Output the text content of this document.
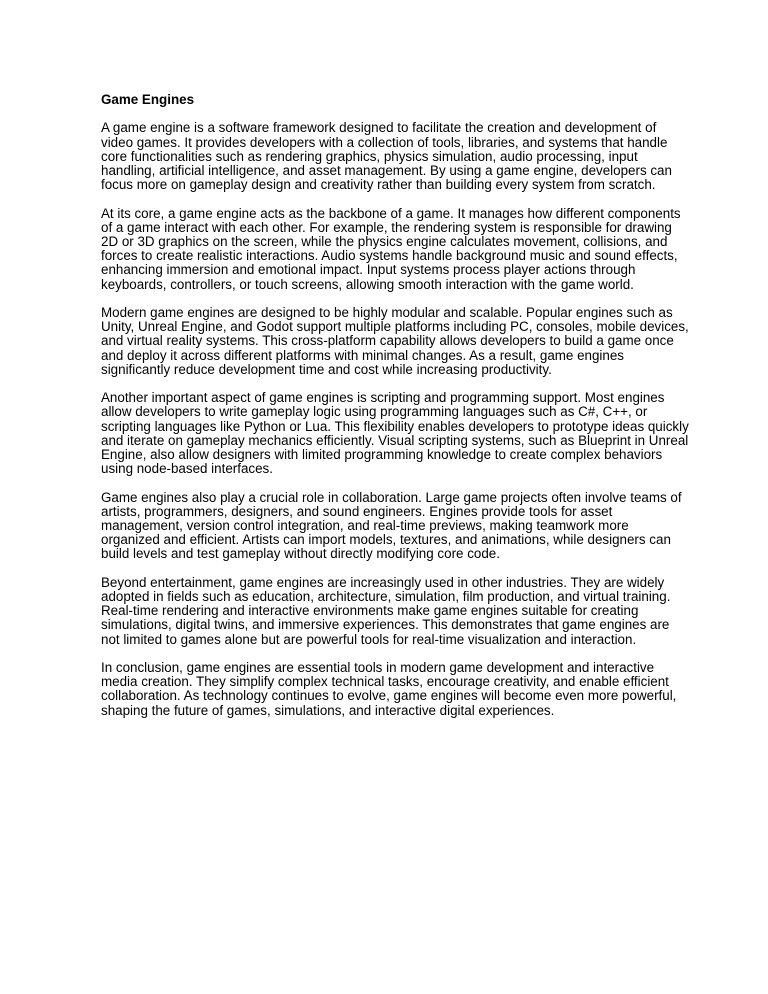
Game Engines
A game engine is a software framework designed to facilitate the creation and development of
video games. It provides developers with a collection of tools, libraries, and systems that handle
core functionalities such as rendering graphics, physics simulation, audio processing, input
handling, artificial intelligence, and asset management. By using a game engine, developers can
focus more on gameplay design and creativity rather than building every system from scratch.
At its core, a game engine acts as the backbone of a game. It manages how different components
of a game interact with each other. For example, the rendering system is responsible for drawing
2D or 3D graphics on the screen, while the physics engine calculates movement, collisions, and
forces to create realistic interactions. Audio systems handle background music and sound effects,
enhancing immersion and emotional impact. Input systems process player actions through
keyboards, controllers, or touch screens, allowing smooth interaction with the game world.
Modern game engines are designed to be highly modular and scalable. Popular engines such as
Unity, Unreal Engine, and Godot support multiple platforms including PC, consoles, mobile devices,
and virtual reality systems. This cross-platform capability allows developers to build a game once
and deploy it across different platforms with minimal changes. As a result, game engines
significantly reduce development time and cost while increasing productivity.
Another important aspect of game engines is scripting and programming support. Most engines
allow developers to write gameplay logic using programming languages such as C#, C++, or
scripting languages like Python or Lua. This flexibility enables developers to prototype ideas quickly
and iterate on gameplay mechanics efficiently. Visual scripting systems, such as Blueprint in Unreal
Engine, also allow designers with limited programming knowledge to create complex behaviors
using node-based interfaces.
Game engines also play a crucial role in collaboration. Large game projects often involve teams of
artists, programmers, designers, and sound engineers. Engines provide tools for asset
management, version control integration, and real-time previews, making teamwork more
organized and efficient. Artists can import models, textures, and animations, while designers can
build levels and test gameplay without directly modifying core code.
Beyond entertainment, game engines are increasingly used in other industries. They are widely
adopted in fields such as education, architecture, simulation, film production, and virtual training.
Real-time rendering and interactive environments make game engines suitable for creating
simulations, digital twins, and immersive experiences. This demonstrates that game engines are
not limited to games alone but are powerful tools for real-time visualization and interaction.
In conclusion, game engines are essential tools in modern game development and interactive
media creation. They simplify complex technical tasks, encourage creativity, and enable efficient
collaboration. As technology continues to evolve, game engines will become even more powerful,
shaping the future of games, simulations, and interactive digital experiences.
